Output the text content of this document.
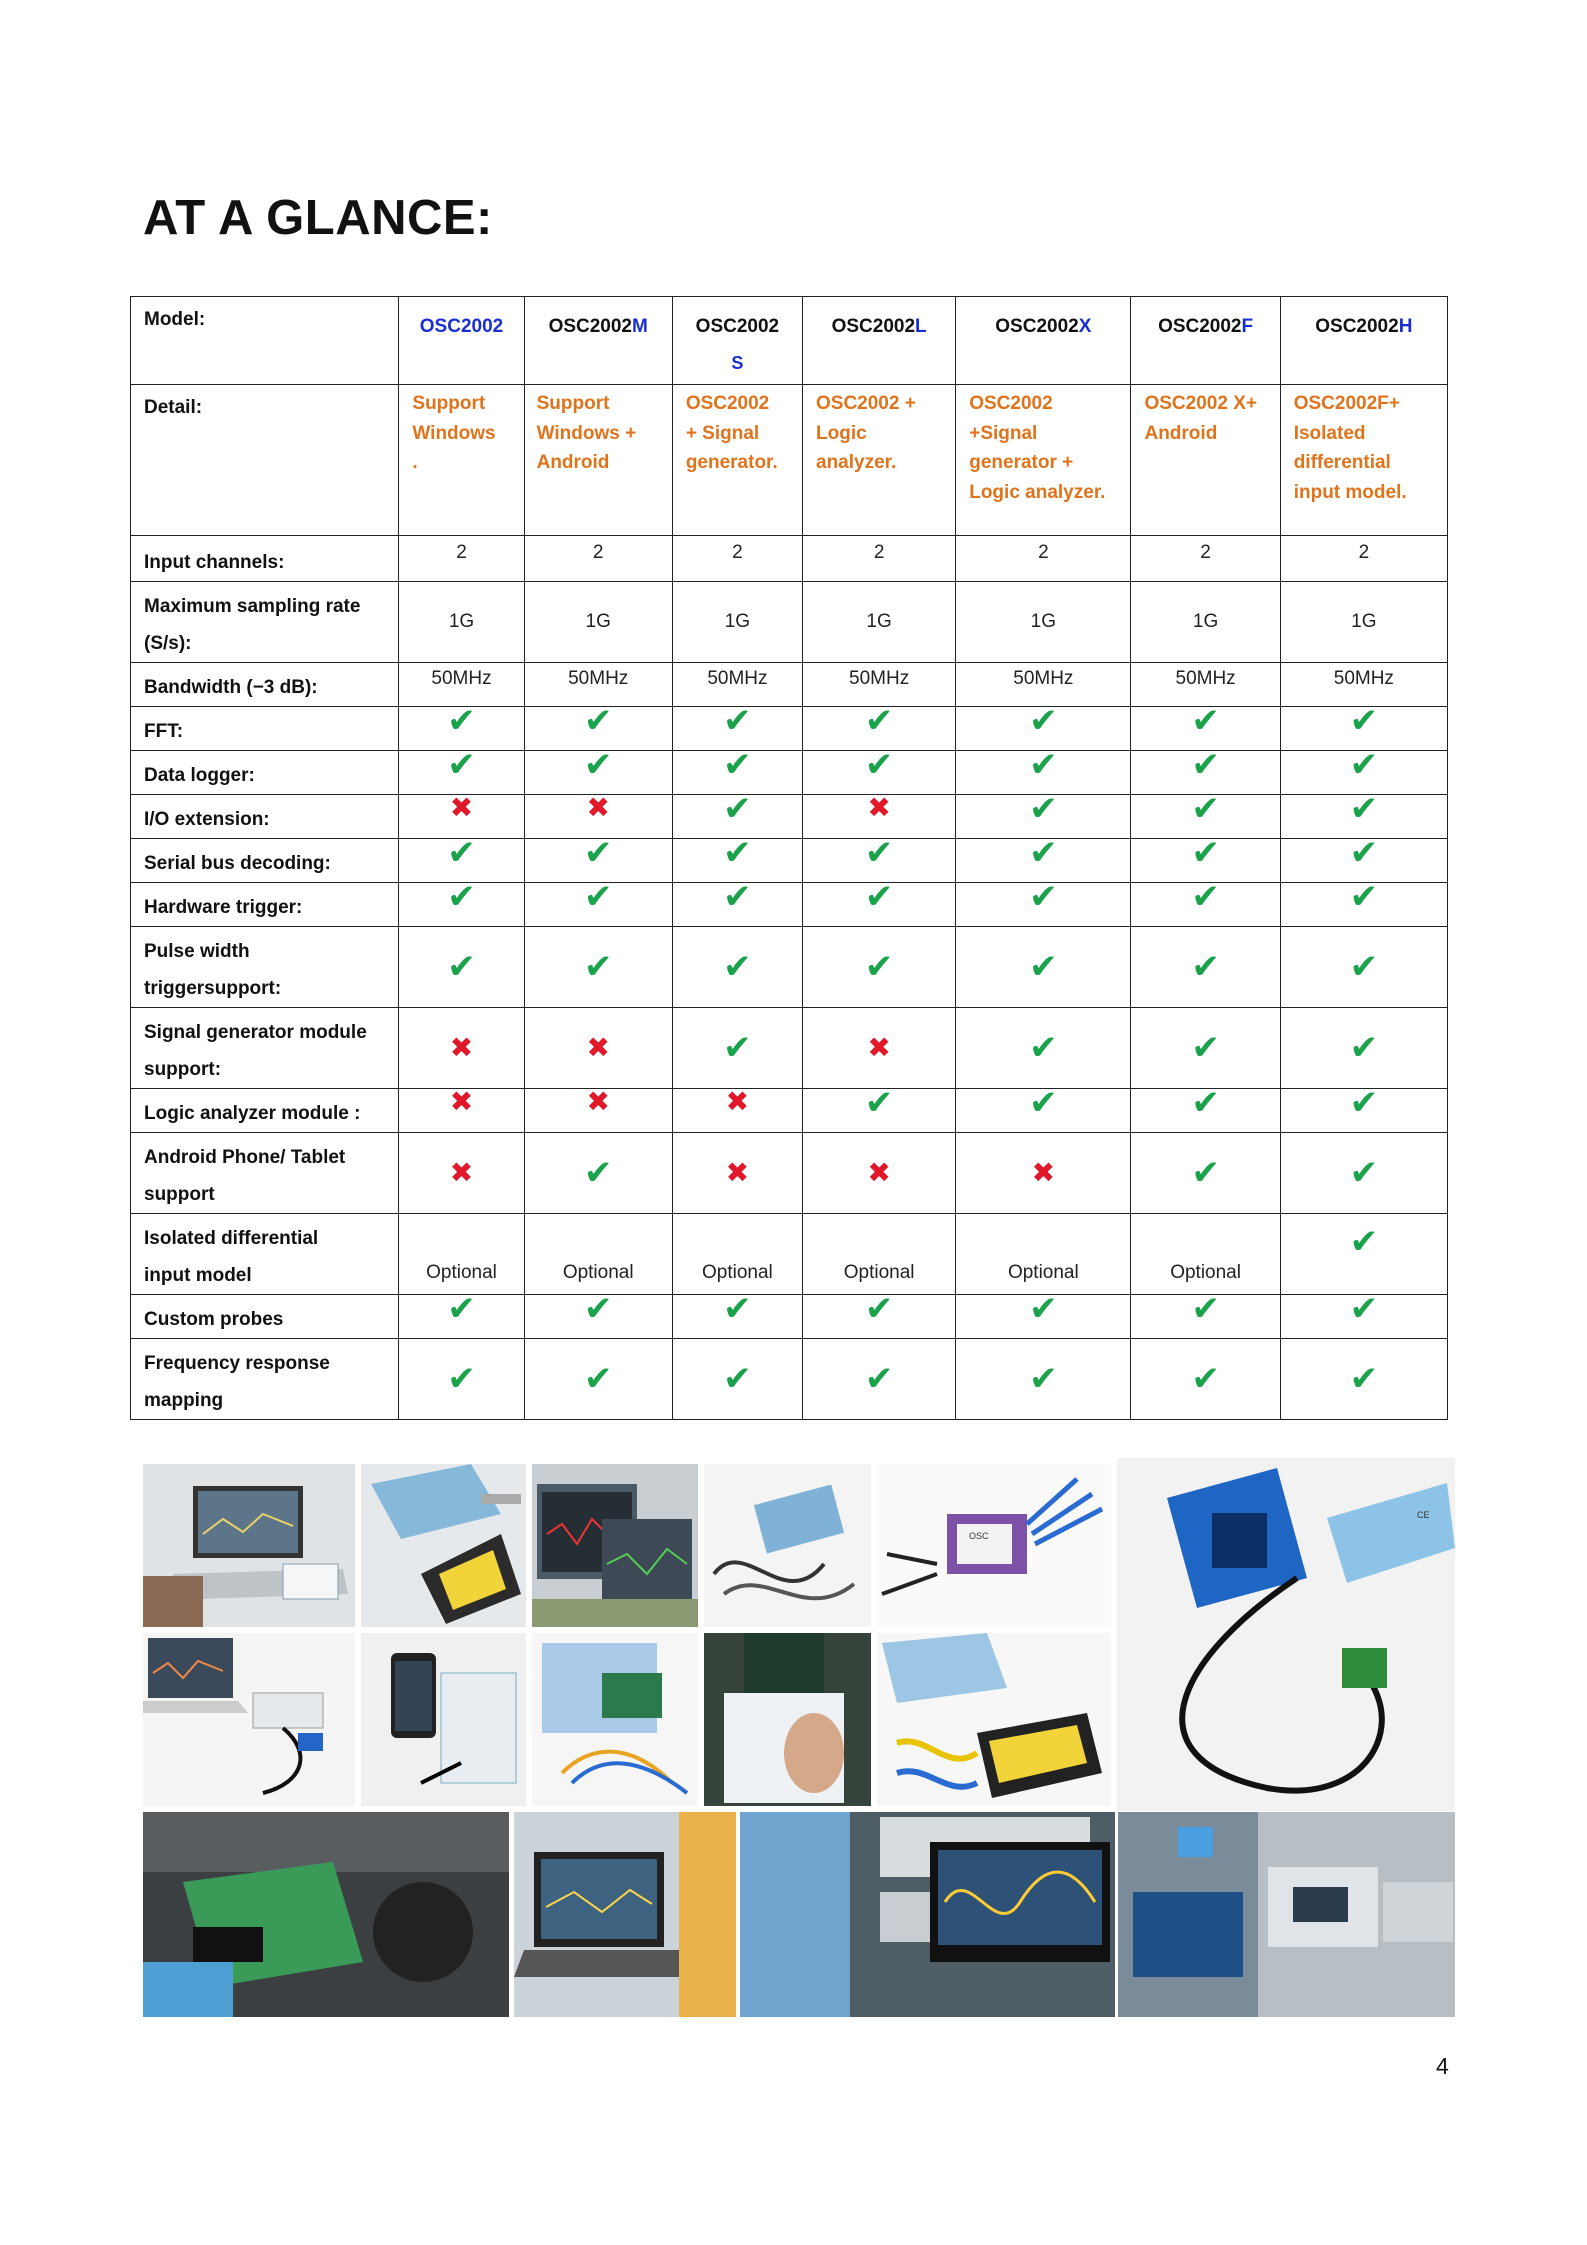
AT A GLANCE:
Model:	OSC2002	OSC2002M	OSC2002
S	OSC2002L	OSC2002X	OSC2002F	OSC2002H
Detail:	Support
Windows
.	Support
Windows +
Android	OSC2002
+ Signal
generator.	OSC2002 +
Logic
analyzer.	OSC2002
+Signal
generator +
Logic analyzer.	OSC2002 X+
Android	OSC2002F+
Isolated
differential
input model.
Input channels:	2	2	2	2	2	2	2
Maximum sampling rate
(S/s):	1G	1G	1G	1G	1G	1G	1G
Bandwidth (−3 dB):	50MHz	50MHz	50MHz	50MHz	50MHz	50MHz	50MHz
FFT:	✔	✔	✔	✔	✔	✔	✔
Data logger:	✔	✔	✔	✔	✔	✔	✔
I/O extension:	✖	✖	✔	✖	✔	✔	✔
Serial bus decoding:	✔	✔	✔	✔	✔	✔	✔
Hardware trigger:	✔	✔	✔	✔	✔	✔	✔
Pulse width
triggersupport:	✔	✔	✔	✔	✔	✔	✔
Signal generator module
support:	✖	✖	✔	✖	✔	✔	✔
Logic analyzer module :	✖	✖	✖	✔	✔	✔	✔
Android Phone/ Tablet
support	✖	✔	✖	✖	✖	✔	✔
Isolated differential
input model	Optional	Optional	Optional	Optional	Optional	Optional	✔
Custom probes	✔	✔	✔	✔	✔	✔	✔
Frequency response
mapping	✔	✔	✔	✔	✔	✔	✔
OSC
CE
4
